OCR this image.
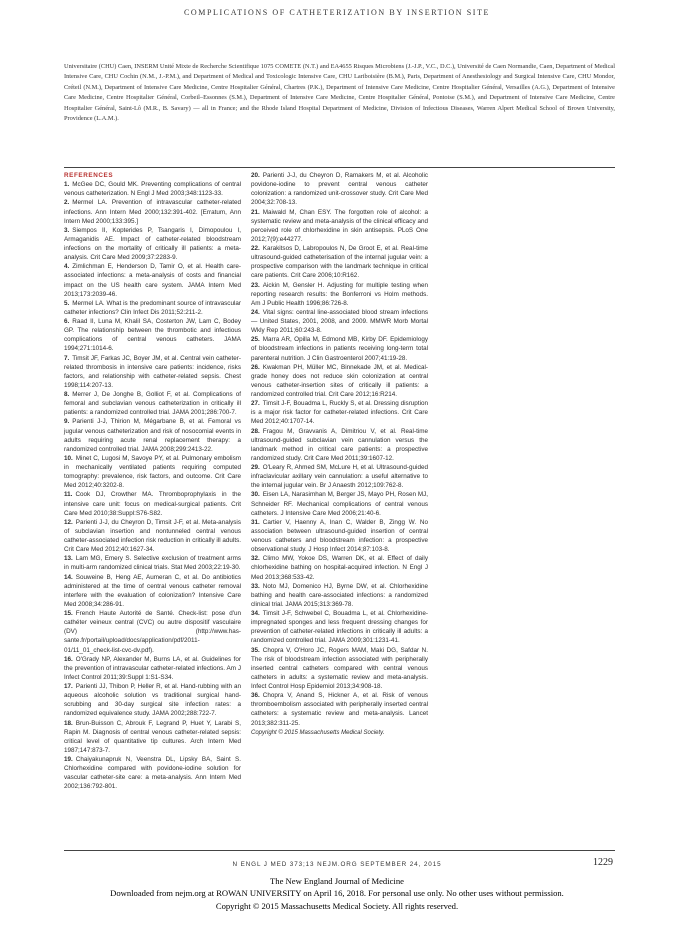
COMPLICATIONS OF CATHETERIZATION BY INSERTION SITE
Universitaire (CHU) Caen, INSERM Unité Mixte de Recherche Scientifique 1075 COMETE (N.T.) and EA4655 Risques Microbiens (J.-J.P., V.C., D.C.), Université de Caen Normandie, Caen, Department of Medical Intensive Care, CHU Cochin (N.M., J.-P.M.), and Department of Medical and Toxicologic Intensive Care, CHU Lariboisière (B.M.), Paris, Department of Anesthesiology and Surgical Intensive Care, CHU Mondor, Créteil (N.M.), Department of Intensive Care Medicine, Centre Hospitalier Général, Chartres (P.K.), Department of Intensive Care Medicine, Centre Hospitalier Général, Versailles (A.G.), Department of Intensive Care Medicine, Centre Hospitalier Général, Corbeil–Essonnes (S.M.), Department of Intensive Care Medicine, Centre Hospitalier Général, Pontoise (S.M.), and Department of Intensive Care Medicine, Centre Hospitalier Général, Saint-Lô (M.R., B. Savary) — all in France; and the Rhode Island Hospital Department of Medicine, Division of Infectious Diseases, Warren Alpert Medical School of Brown University, Providence (L.A.M.).
REFERENCES
1. McGee DC, Gould MK. Preventing complications of central venous catheterization. N Engl J Med 2003;348:1123-33.
2. Mermel LA. Prevention of intravascular catheter-related infections. Ann Intern Med 2000;132:391-402. [Erratum, Ann Intern Med 2000;133:395.]
3. Siempos II, Kopterides P, Tsangaris I, Dimopoulou I, Armaganidis AE. Impact of catheter-related bloodstream infections on the mortality of critically ill patients: a meta-analysis. Crit Care Med 2009;37:2283-9.
4. Zimlichman E, Henderson D, Tamir O, et al. Health care-associated infections: a meta-analysis of costs and financial impact on the US health care system. JAMA Intern Med 2013;173:2039-46.
5. Mermel LA. What is the predominant source of intravascular catheter infections? Clin Infect Dis 2011;52:211-2.
6. Raad II, Luna M, Khalil SA, Costerton JW, Lam C, Bodey GP. The relationship between the thrombotic and infectious complications of central venous catheters. JAMA 1994;271:1014-6.
7. Timsit JF, Farkas JC, Boyer JM, et al. Central vein catheter-related thrombosis in intensive care patients: incidence, risks factors, and relationship with catheter-related sepsis. Chest 1998;114:207-13.
8. Merrer J, De Jonghe B, Golliot F, et al. Complications of femoral and subclavian venous catheterization in critically ill patients: a randomized controlled trial. JAMA 2001;286:700-7.
9. Parienti J-J, Thirion M, Mégarbane B, et al. Femoral vs jugular venous catheterization and risk of nosocomial events in adults requiring acute renal replacement therapy: a randomized controlled trial. JAMA 2008;299:2413-22.
10. Minet C, Lugosi M, Savoye PY, et al. Pulmonary embolism in mechanically ventilated patients requiring computed tomography: prevalence, risk factors, and outcome. Crit Care Med 2012;40:3202-8.
11. Cook DJ, Crowther MA. Thromboprophylaxis in the intensive care unit: focus on medical-surgical patients. Crit Care Med 2010;38:Suppl:S76-S82.
12. Parienti J-J, du Cheyron D, Timsit J-F, et al. Meta-analysis of subclavian insertion and nontunneled central venous catheter-associated infection risk reduction in critically ill adults. Crit Care Med 2012;40:1627-34.
13. Lam MG, Emery S. Selective exclusion of treatment arms in multi-arm randomized clinical trials. Stat Med 2003;22:19-30.
14. Souweine B, Heng AE, Aumeran C, et al. Do antibiotics administered at the time of central venous catheter removal interfere with the evaluation of colonization? Intensive Care Med 2008;34:286-91.
15. French Haute Autorité de Santé. Check-list: pose d'un cathéter veineux central (CVC) ou autre dispositif vasculaire (DV) (http://www.has-sante.fr/portail/upload/docs/application/pdf/2011-01/11_01_check-list-cvc-dv.pdf).
16. O'Grady NP, Alexander M, Burns LA, et al. Guidelines for the prevention of intravascular catheter-related infections. Am J Infect Control 2011;39:Suppl 1:S1-S34.
17. Parienti JJ, Thibon P, Heller R, et al. Hand-rubbing with an aqueous alcoholic solution vs traditional surgical hand-scrubbing and 30-day surgical site infection rates: a randomized equivalence study. JAMA 2002;288:722-7.
18. Brun-Buisson C, Abrouk F, Legrand P, Huet Y, Larabi S, Rapin M. Diagnosis of central venous catheter-related sepsis: critical level of quantitative tip cultures. Arch Intern Med 1987;147:873-7.
19. Chaiyakunapruk N, Veenstra DL, Lipsky BA, Saint S. Chlorhexidine compared with povidone-iodine solution for vascular catheter-site care: a meta-analysis. Ann Intern Med 2002;136:792-801.
20. Parienti J-J, du Cheyron D, Ramakers M, et al. Alcoholic povidone-iodine to prevent central venous catheter colonization: a randomized unit-crossover study. Crit Care Med 2004;32:708-13.
21. Maiwald M, Chan ESY. The forgotten role of alcohol: a systematic review and meta-analysis of the clinical efficacy and perceived role of chlorhexidine in skin antisepsis. PLoS One 2012;7(9):e44277.
22. Karakitsos D, Labropoulos N, De Groot E, et al. Real-time ultrasound-guided catheterisation of the internal jugular vein: a prospective comparison with the landmark technique in critical care patients. Crit Care 2006;10:R162.
23. Aickin M, Gensler H. Adjusting for multiple testing when reporting research results: the Bonferroni vs Holm methods. Am J Public Health 1996;86:726-8.
24. Vital signs: central line-associated blood stream infections — United States, 2001, 2008, and 2009. MMWR Morb Mortal Wkly Rep 2011;60:243-8.
25. Marra AR, Opilla M, Edmond MB, Kirby DF. Epidemiology of bloodstream infections in patients receiving long-term total parenteral nutrition. J Clin Gastroenterol 2007;41:19-28.
26. Kwakman PH, Müller MC, Binnekade JM, et al. Medical-grade honey does not reduce skin colonization at central venous catheter-insertion sites of critically ill patients: a randomized controlled trial. Crit Care 2012;16:R214.
27. Timsit J-F, Bouadma L, Ruckly S, et al. Dressing disruption is a major risk factor for catheter-related infections. Crit Care Med 2012;40:1707-14.
28. Fragou M, Gravvanis A, Dimitriou V, et al. Real-time ultrasound-guided subclavian vein cannulation versus the landmark method in critical care patients: a prospective randomized study. Crit Care Med 2011;39:1607-12.
29. O'Leary R, Ahmed SM, McLure H, et al. Ultrasound-guided infraclavicular axillary vein cannulation: a useful alternative to the internal jugular vein. Br J Anaesth 2012;109:762-8.
30. Eisen LA, Narasimhan M, Berger JS, Mayo PH, Rosen MJ, Schneider RF. Mechanical complications of central venous catheters. J Intensive Care Med 2006;21:40-6.
31. Cartier V, Haenny A, Inan C, Walder B, Zingg W. No association between ultrasound-guided insertion of central venous catheters and bloodstream infection: a prospective observational study. J Hosp Infect 2014;87:103-8.
32. Climo MW, Yokoe DS, Warren DK, et al. Effect of daily chlorhexidine bathing on hospital-acquired infection. N Engl J Med 2013;368:533-42.
33. Noto MJ, Domenico HJ, Byrne DW, et al. Chlorhexidine bathing and health care-associated infections: a randomized clinical trial. JAMA 2015;313:369-78.
34. Timsit J-F, Schwebel C, Bouadma L, et al. Chlorhexidine-impregnated sponges and less frequent dressing changes for prevention of catheter-related infections in critically ill adults: a randomized controlled trial. JAMA 2009;301:1231-41.
35. Chopra V, O'Horo JC, Rogers MAM, Maki DG, Safdar N. The risk of bloodstream infection associated with peripherally inserted central catheters compared with central venous catheters in adults: a systematic review and meta-analysis. Infect Control Hosp Epidemiol 2013;34:908-18.
36. Chopra V, Anand S, Hickner A, et al. Risk of venous thromboembolism associated with peripherally inserted central catheters: a systematic review and meta-analysis. Lancet 2013;382:311-25.
Copyright © 2015 Massachusetts Medical Society.
N ENGL J MED 373;13 NEJM.ORG SEPTEMBER 24, 2015	1229
The New England Journal of Medicine
Downloaded from nejm.org at ROWAN UNIVERSITY on April 16, 2018. For personal use only. No other uses without permission.
Copyright © 2015 Massachusetts Medical Society. All rights reserved.
